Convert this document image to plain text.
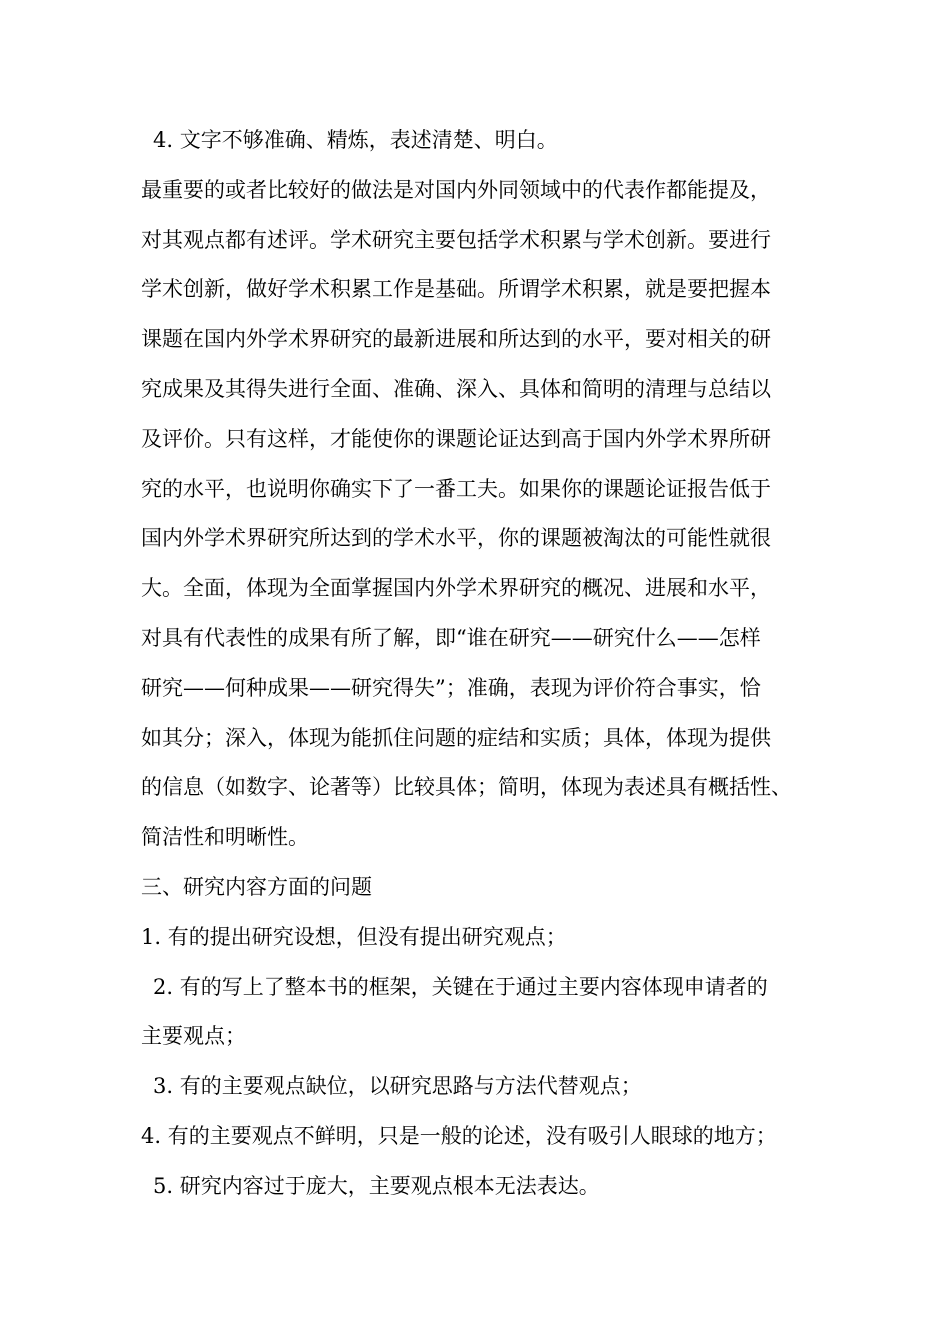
4. 文字不够准确、精炼，表述清楚、明白。
最重要的或者比较好的做法是对国内外同领域中的代表作都能提及，
对其观点都有述评。学术研究主要包括学术积累与学术创新。要进行
学术创新，做好学术积累工作是基础。所谓学术积累，就是要把握本
课题在国内外学术界研究的最新进展和所达到的水平，要对相关的研
究成果及其得失进行全面、准确、深入、具体和简明的清理与总结以
及评价。只有这样，才能使你的课题论证达到高于国内外学术界所研
究的水平，也说明你确实下了一番工夫。如果你的课题论证报告低于
国内外学术界研究所达到的学术水平，你的课题被淘汰的可能性就很
大。全面，体现为全面掌握国内外学术界研究的概况、进展和水平，
对具有代表性的成果有所了解，即“谁在研究——研究什么——怎样
研究——何种成果——研究得失”；准确，表现为评价符合事实，恰
如其分；深入，体现为能抓住问题的症结和实质；具体，体现为提供
的信息（如数字、论著等）比较具体；简明，体现为表述具有概括性、
简洁性和明晰性。
三、研究内容方面的问题
1. 有的提出研究设想，但没有提出研究观点；
2. 有的写上了整本书的框架，关键在于通过主要内容体现申请者的
主要观点；
3. 有的主要观点缺位，以研究思路与方法代替观点；
4. 有的主要观点不鲜明，只是一般的论述，没有吸引人眼球的地方；
5. 研究内容过于庞大，主要观点根本无法表达。
